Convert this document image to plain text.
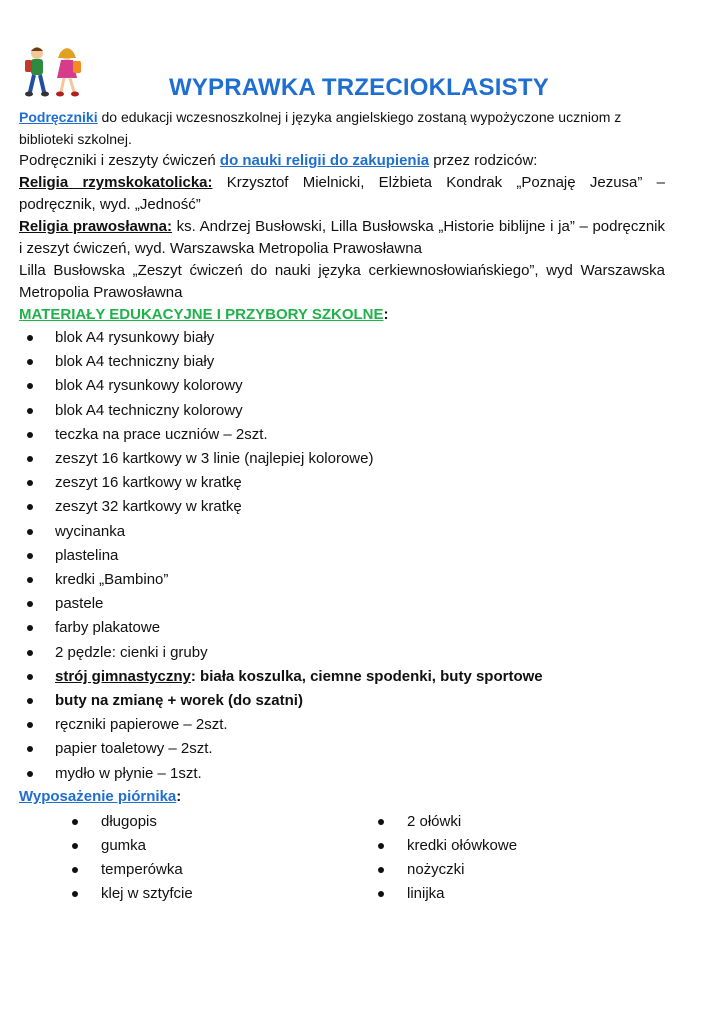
WYPRAWKA TRZECIOKLASISTY

Podręczniki do edukacji wczesnoszkolnej i języka angielskiego zostaną wypożyczone uczniom z biblioteki szkolnej.

Podręczniki i zeszyty ćwiczeń do nauki religii do zakupienia przez rodziców:

Religia rzymskokatolicka: Krzysztof Mielnicki, Elżbieta Kondrak „Poznaję Jezusa” – podręcznik, wyd. „Jedność”

Religia prawosławna: ks. Andrzej Busłowski, Lilla Busłowska „Historie biblijne i ja” – podręcznik i zeszyt ćwiczeń, wyd. Warszawska Metropolia Prawosławna

Lilla Busłowska „Zeszyt ćwiczeń do nauki języka cerkiewnosłowiańskiego”, wyd Warszawska Metropolia Prawosławna

MATERIAŁY EDUKACYJNE I PRZYBORY SZKOLNE:

blok A4 rysunkowy biały
blok A4 techniczny biały
blok A4 rysunkowy kolorowy
blok A4 techniczny kolorowy
teczka na prace uczniów – 2szt.
zeszyt 16 kartkowy w 3 linie (najlepiej kolorowe)
zeszyt 16 kartkowy w kratkę
zeszyt 32 kartkowy w kratkę
wycinanka
plastelina
kredki „Bambino”
pastele
farby plakatowe
2 pędzle: cienki i gruby
strój gimnastyczny: biała koszulka, ciemne spodenki, buty sportowe
buty na zmianę + worek (do szatni)
ręczniki papierowe – 2szt.
papier toaletowy – 2szt.
mydło w płynie – 1szt.

Wyposażenie piórnika:

długopis
gumka
temperówka
klej w sztyfcie
2 ołówki
kredki ołówkowe
nożyczki
linijka
